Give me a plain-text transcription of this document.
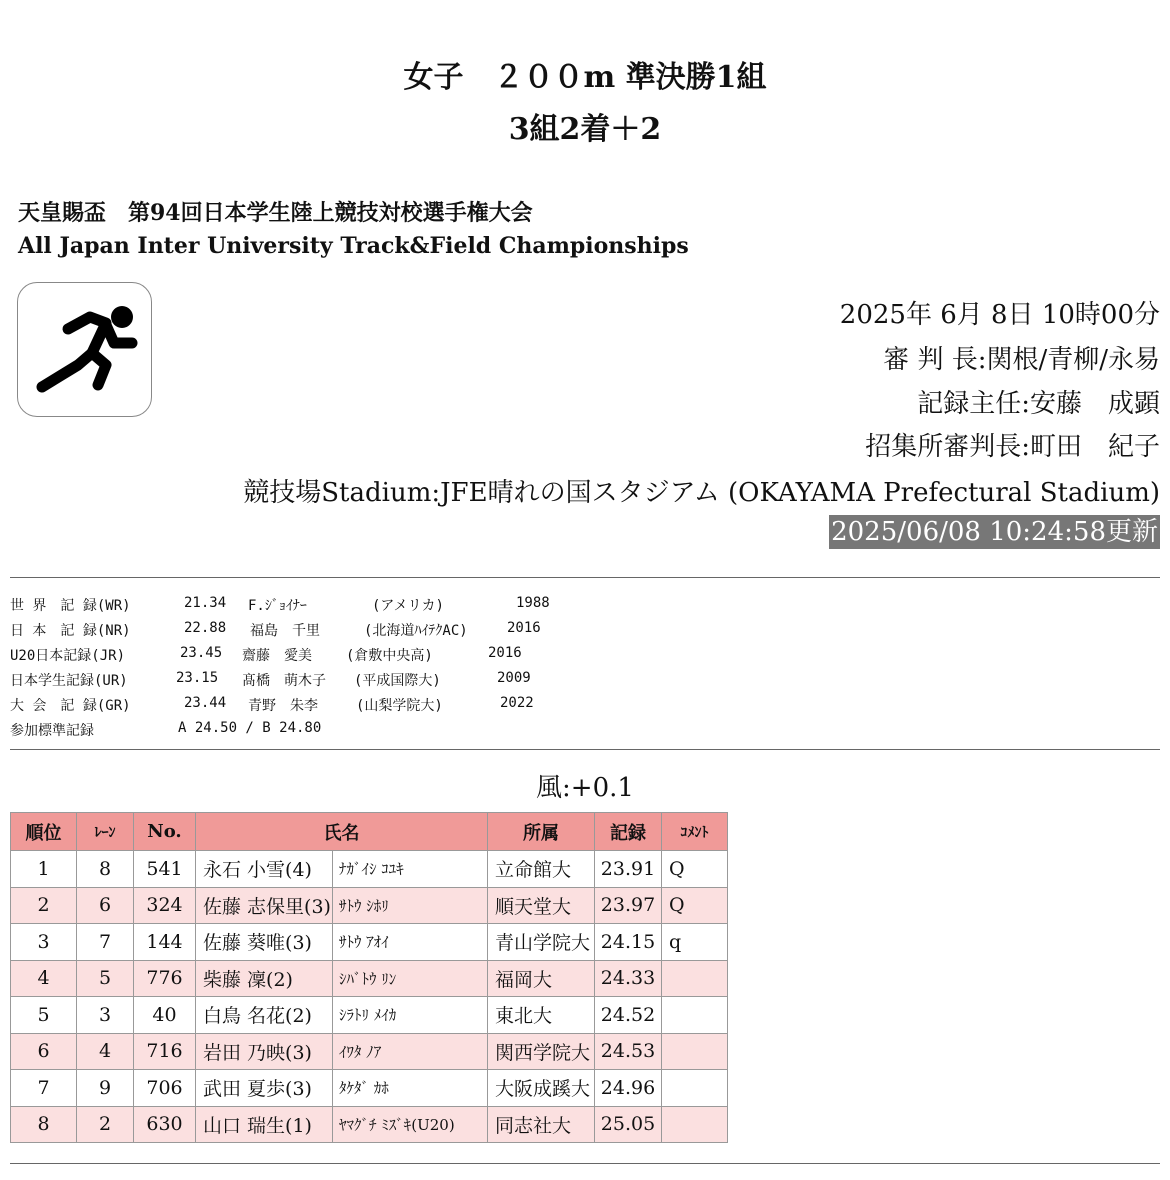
女子　２００m 準決勝1組
3組2着＋2
天皇賜盃　第94回日本学生陸上競技対校選手権大会
All Japan Inter University Track&Field Championships
2025年 6月 8日 10時00分
審 判 長:関根/青柳/永易
記録主任:安藤　成顕
招集所審判長:町田　紀子
競技場Stadium:JFE晴れの国スタジアム (OKAYAMA Prefectural Stadium)
2025/06/08 10:24:58更新
世 界　記 録(WR)	21.34 F.ｼﾞｮｲﾅｰ	(アメリカ)	1988
日 本　記 録(NR)	22.88 福島　千里	(北海道ﾊｲﾃｸAC)	2016
U20日本記録(JR)	23.45 齋藤　愛美 (倉敷中央高)	2016
日本学生記録(UR)	23.15 髙橋　萌木子 (平成国際大)	2009
大 会　記 録(GR)	23.44 青野　朱李	(山梨学院大)	2022
参加標準記録	A 24.50 / B 24.80
風:+0.1
順位	ﾚｰﾝ	No.	氏名		所属	記録	ｺﾒﾝﾄ
1	8	541	永石 小雪(4)	ﾅｶﾞｲｼ ｺﾕｷ	立命館大	23.91	Q
2	6	324	佐藤 志保里(3)	ｻﾄｳ ｼﾎﾘ	順天堂大	23.97	Q
3	7	144	佐藤 葵唯(3)	ｻﾄｳ ｱｵｲ	青山学院大	24.15	q
4	5	776	柴藤 凜(2)	ｼﾊﾞﾄｳ ﾘﾝ	福岡大	24.33	
5	3	40	白鳥 名花(2)	ｼﾗﾄﾘ ﾒｲｶ	東北大	24.52	
6	4	716	岩田 乃映(3)	ｲﾜﾀ ﾉｱ	関西学院大	24.53	
7	9	706	武田 夏歩(3)	ﾀｹﾀﾞ ｶﾎ	大阪成蹊大	24.96	
8	2	630	山口 瑞生(1)	ﾔﾏｸﾞﾁ ﾐｽﾞｷ(U20)	同志社大	25.05	
